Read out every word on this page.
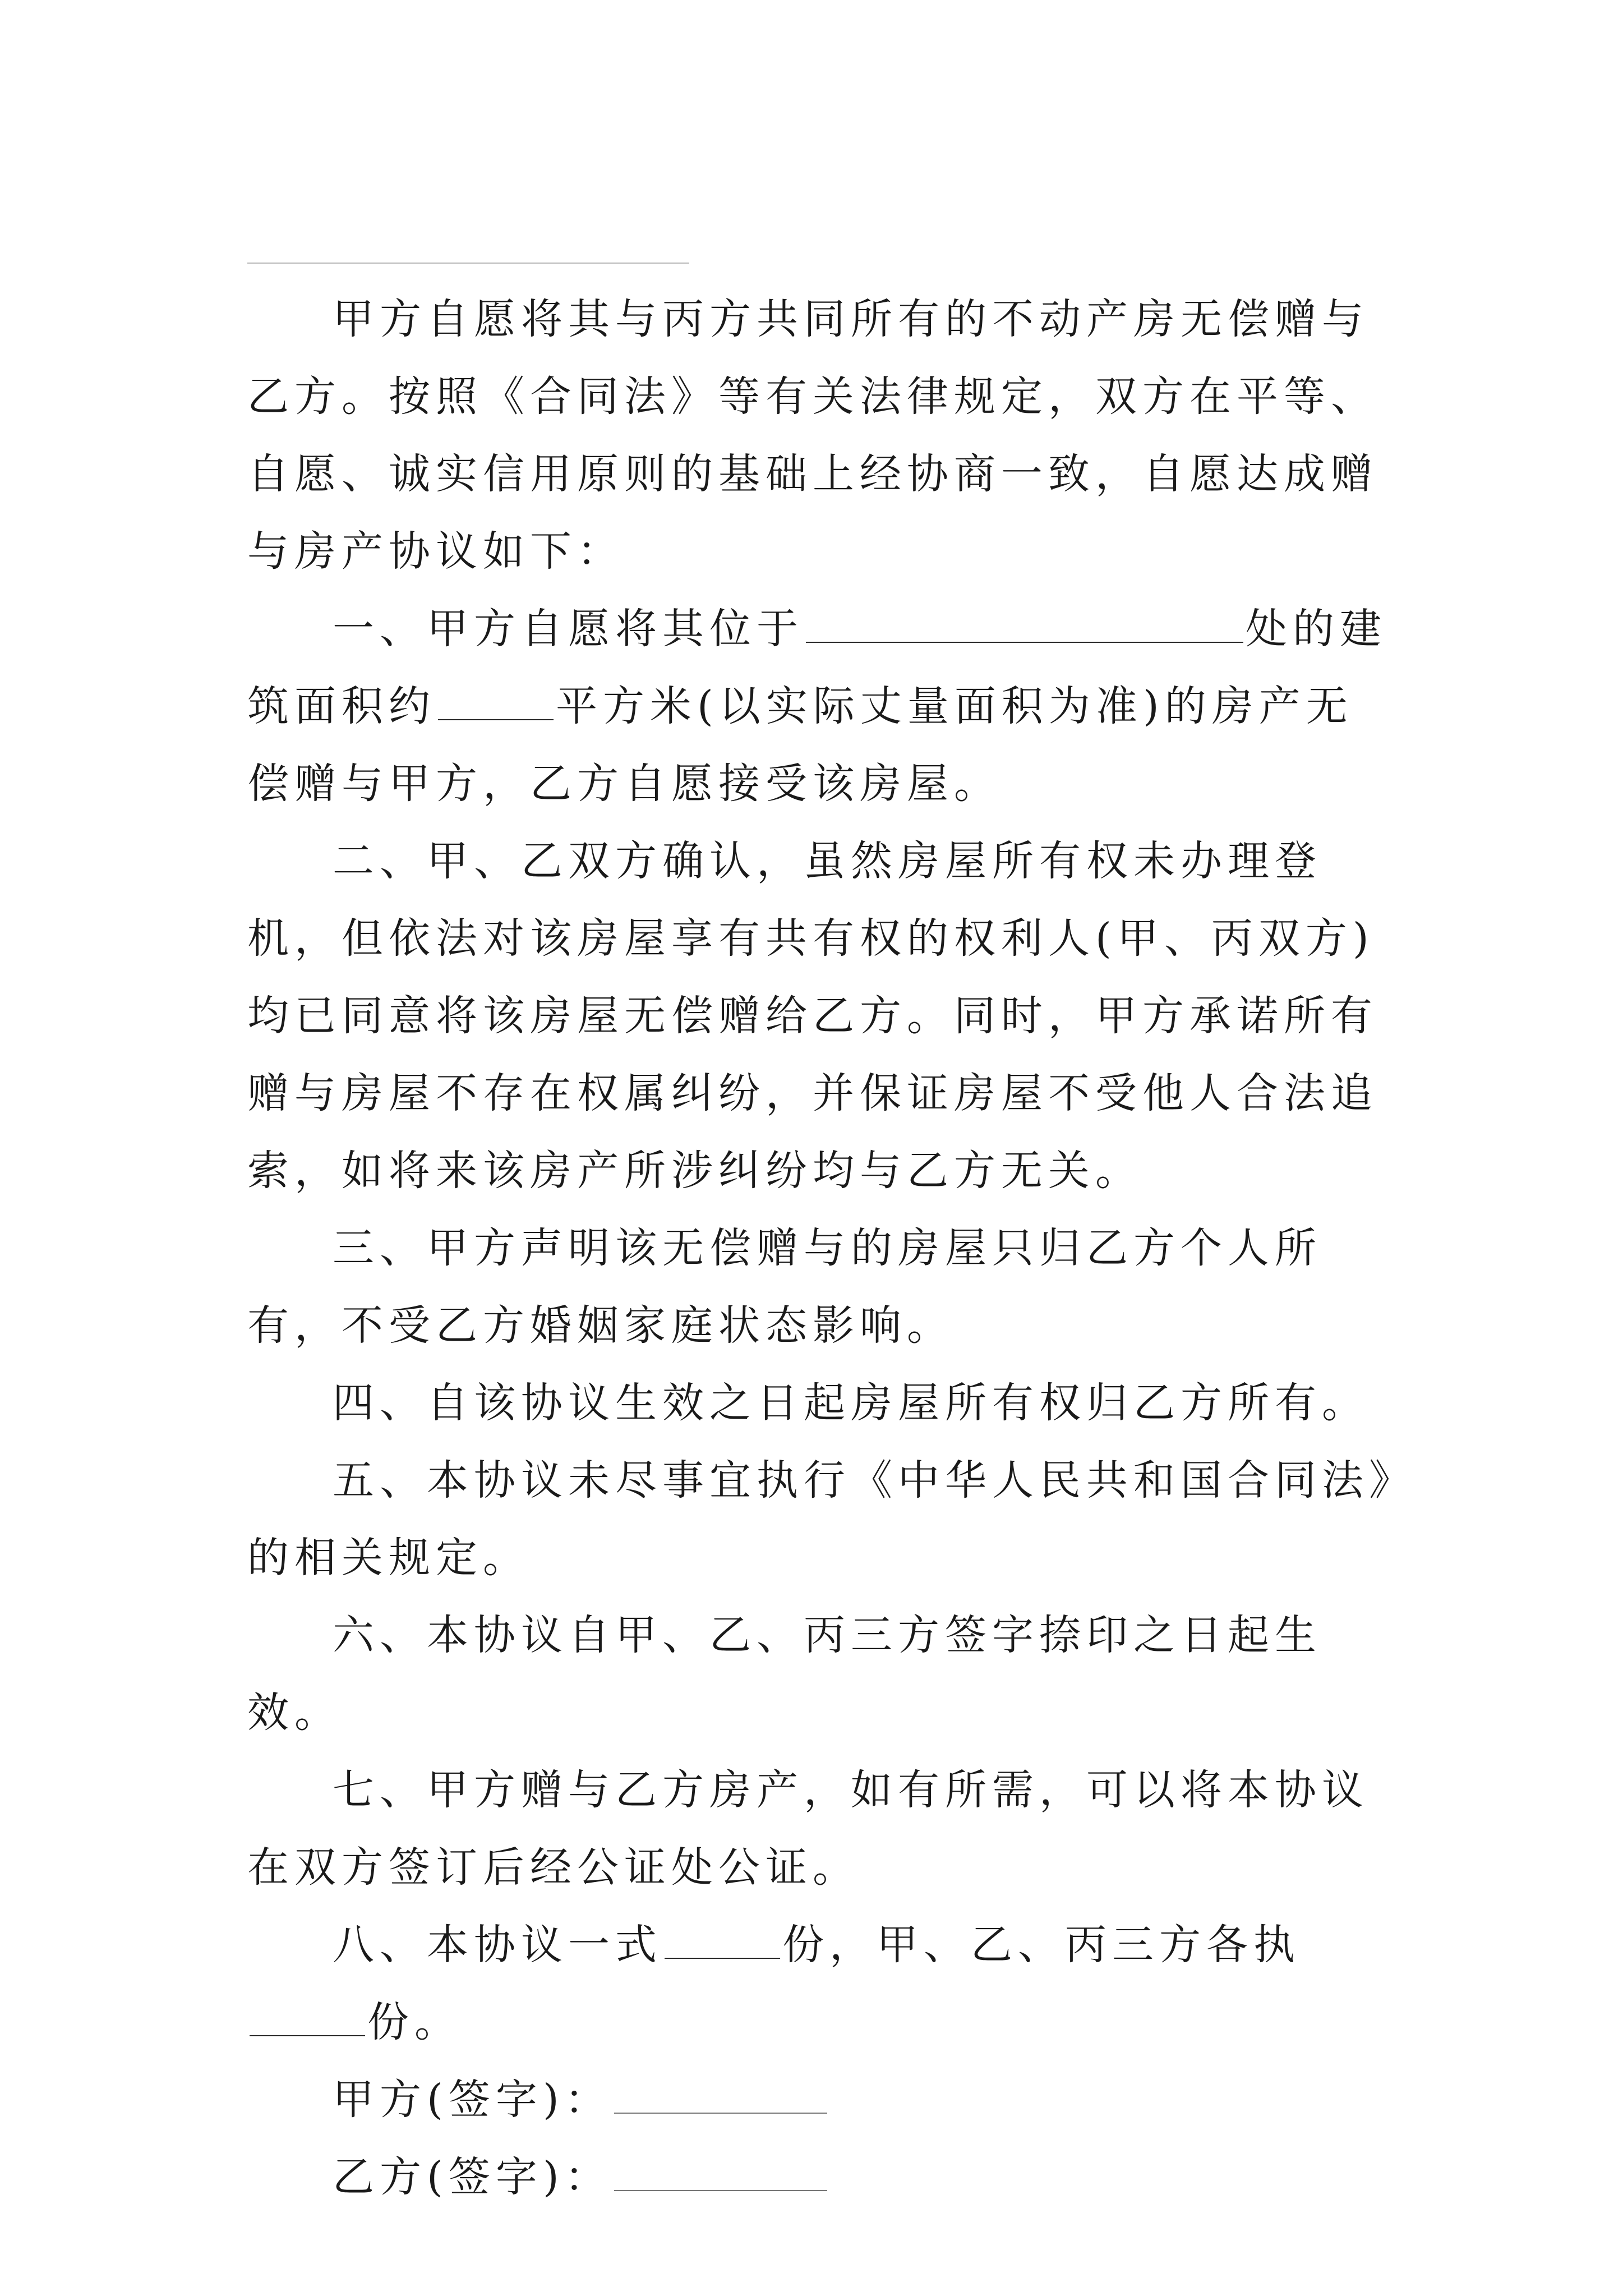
甲方自愿将其与丙方共同所有的不动产房无偿赠与乙方。按照《合同法》等有关法律规定，双方在平等、自愿、诚实信用原则的基础上经协商一致，自愿达成赠与房产协议如下：

一、甲方自愿将其位于	处的建筑面积约	平方米(以实际丈量面积为准)的房产无偿赠与甲方，乙方自愿接受该房屋。

二、甲、乙双方确认，虽然房屋所有权未办理登机，但依法对该房屋享有共有权的权利人(甲、丙双方)均已同意将该房屋无偿赠给乙方。同时，甲方承诺所有赠与房屋不存在权属纠纷，并保证房屋不受他人合法追索，如将来该房产所涉纠纷均与乙方无关。

三、甲方声明该无偿赠与的房屋只归乙方个人所有，不受乙方婚姻家庭状态影响。

四、自该协议生效之日起房屋所有权归乙方所有。

五、本协议未尽事宜执行《中华人民共和国合同法》的相关规定。

六、本协议自甲、乙、丙三方签字捺印之日起生效。

七、甲方赠与乙方房产，如有所需，可以将本协议在双方签订后经公证处公证。

八、本协议一式	份，甲、乙、丙三方各执份。

甲方(签字)：

乙方(签字)：
